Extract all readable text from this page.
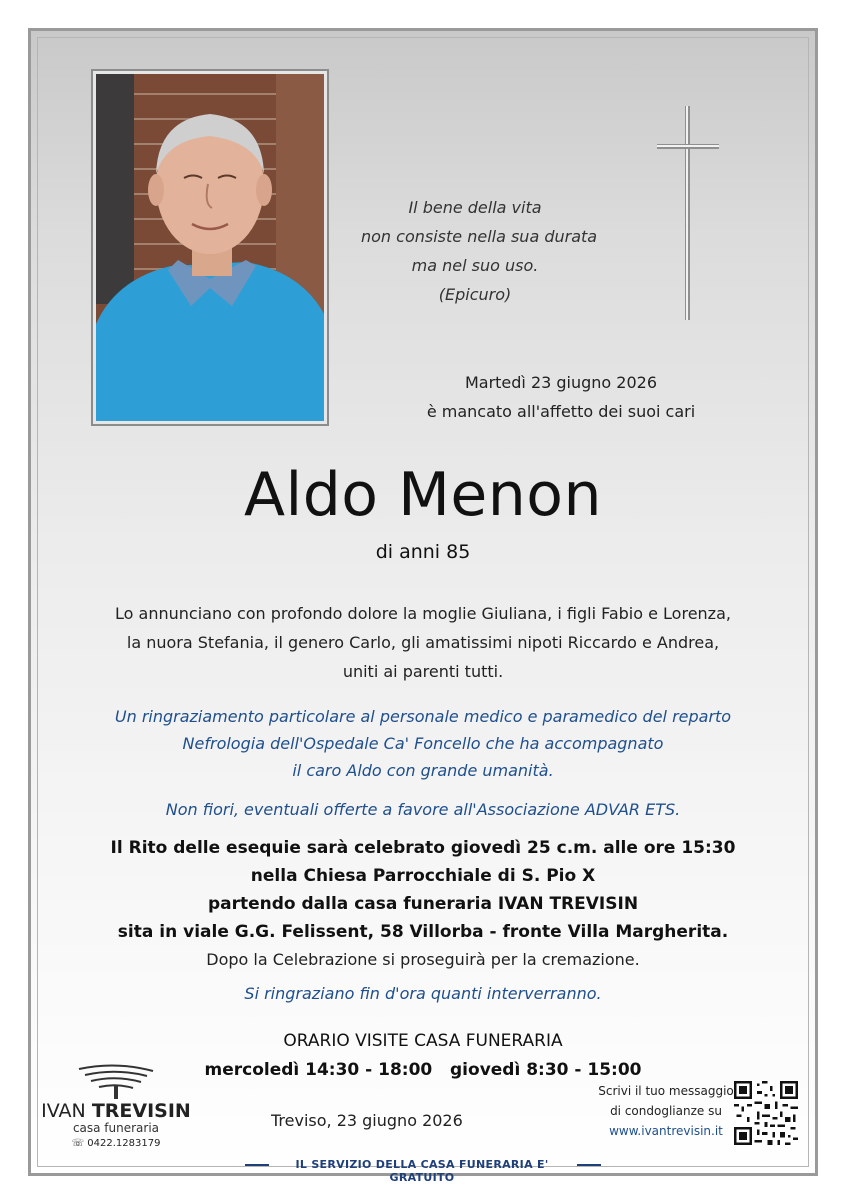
Il bene della vita
non consiste nella sua durata
ma nel suo uso.
(Epicuro)
Martedì 23 giugno 2026
è mancato all'affetto dei suoi cari
Aldo Menon
di anni 85
Lo annunciano con profondo dolore la moglie Giuliana, i figli Fabio e Lorenza,
la nuora Stefania, il genero Carlo, gli amatissimi nipoti Riccardo e Andrea,
uniti ai parenti tutti.
Un ringraziamento particolare al personale medico e paramedico del reparto
Nefrologia dell'Ospedale Ca' Foncello che ha accompagnato
il caro Aldo con grande umanità.
Non fiori, eventuali offerte a favore all'Associazione ADVAR ETS.
Il Rito delle esequie sarà celebrato giovedì 25 c.m. alle ore 15:30
nella Chiesa Parrocchiale di S. Pio X
partendo dalla casa funeraria IVAN TREVISIN
sita in viale G.G. Felissent, 58 Villorba - fronte Villa Margherita.
Dopo la Celebrazione si proseguirà per la cremazione.
Si ringraziano fin d'ora quanti interverranno.
ORARIO VISITE CASA FUNERARIA
mercoledì 14:30 - 18:00   giovedì 8:30 - 15:00
IVAN TREVISIN
casa funeraria
☏ 0422.1283179
Treviso, 23 giugno 2026
Scrivi il tuo messaggio
di condoglianze su
www.ivantrevisin.it
IL SERVIZIO DELLA CASA FUNERARIA E' GRATUITO
